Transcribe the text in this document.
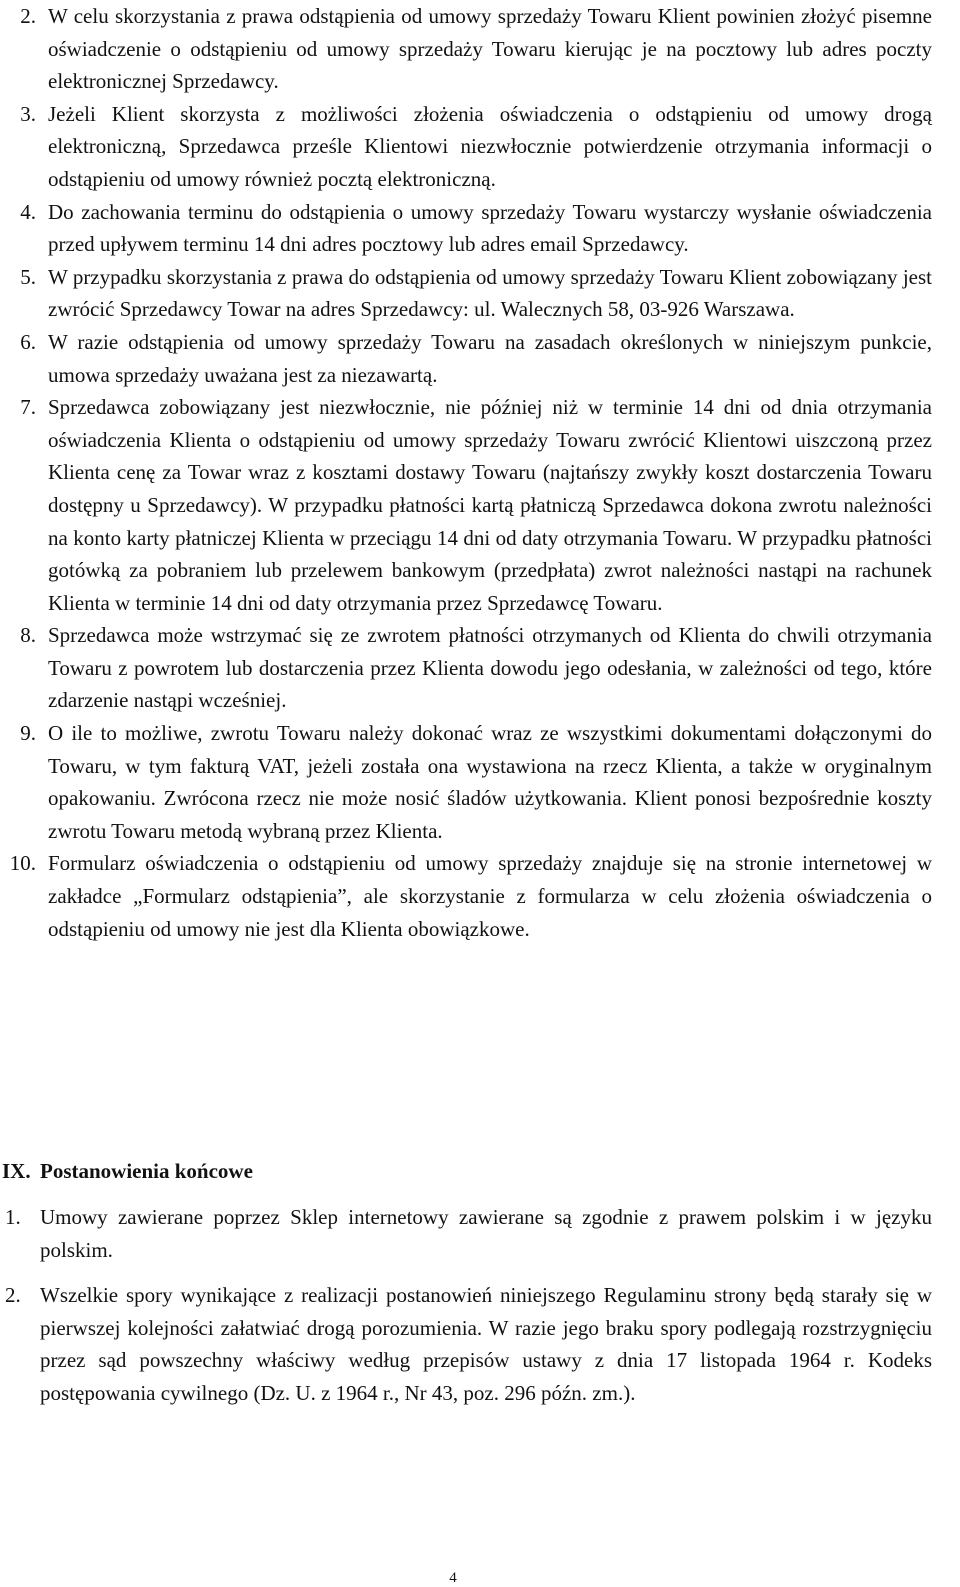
2. W celu skorzystania z prawa odstąpienia od umowy sprzedaży Towaru Klient powinien złożyć pisemne oświadczenie o odstąpieniu od umowy sprzedaży Towaru kierując je na pocztowy lub adres poczty elektronicznej Sprzedawcy.
3. Jeżeli Klient skorzysta z możliwości złożenia oświadczenia o odstąpieniu od umowy drogą elektroniczną, Sprzedawca prześle Klientowi niezwłocznie potwierdzenie otrzymania informacji o odstąpieniu od umowy również pocztą elektroniczną.
4. Do zachowania terminu do odstąpienia o umowy sprzedaży Towaru wystarczy wysłanie oświadczenia przed upływem terminu 14 dni adres pocztowy lub adres email Sprzedawcy.
5. W przypadku skorzystania z prawa do odstąpienia od umowy sprzedaży Towaru Klient zobowiązany jest zwrócić Sprzedawcy Towar na adres Sprzedawcy: ul. Walecznych 58, 03-926 Warszawa.
6. W razie odstąpienia od umowy sprzedaży Towaru na zasadach określonych w niniejszym punkcie, umowa sprzedaży uważana jest za niezawartą.
7. Sprzedawca zobowiązany jest niezwłocznie, nie później niż w terminie 14 dni od dnia otrzymania oświadczenia Klienta o odstąpieniu od umowy sprzedaży Towaru zwrócić Klientowi uiszczoną przez Klienta cenę za Towar wraz z kosztami dostawy Towaru (najtańszy zwykły koszt dostarczenia Towaru dostępny u Sprzedawcy). W przypadku płatności kartą płatniczą Sprzedawca dokona zwrotu należności na konto karty płatniczej Klienta w przeciągu 14 dni od daty otrzymania Towaru. W przypadku płatności gotówką za pobraniem lub przelewem bankowym (przedpłata) zwrot należności nastąpi na rachunek Klienta w terminie 14 dni od daty otrzymania przez Sprzedawcę Towaru.
8. Sprzedawca może wstrzymać się ze zwrotem płatności otrzymanych od Klienta do chwili otrzymania Towaru z powrotem lub dostarczenia przez Klienta dowodu jego odesłania, w zależności od tego, które zdarzenie nastąpi wcześniej.
9. O ile to możliwe, zwrotu Towaru należy dokonać wraz ze wszystkimi dokumentami dołączonymi do Towaru, w tym fakturą VAT, jeżeli została ona wystawiona na rzecz Klienta, a także w oryginalnym opakowaniu. Zwrócona rzecz nie może nosić śladów użytkowania. Klient ponosi bezpośrednie koszty zwrotu Towaru metodą wybraną przez Klienta.
10. Formularz oświadczenia o odstąpieniu od umowy sprzedaży znajduje się na stronie internetowej w zakładce „Formularz odstąpienia”, ale skorzystanie z formularza w celu złożenia oświadczenia o odstąpieniu od umowy nie jest dla Klienta obowiązkowe.
IX. Postanowienia końcowe
1. Umowy zawierane poprzez Sklep internetowy zawierane są zgodnie z prawem polskim i w języku polskim.
2. Wszelkie spory wynikające z realizacji postanowień niniejszego Regulaminu strony będą starały się w pierwszej kolejności załatwiać drogą porozumienia. W razie jego braku spory podlegają rozstrzygnięciu przez sąd powszechny właściwy według przepisów ustawy z dnia 17 listopada 1964 r. Kodeks postępowania cywilnego (Dz. U. z 1964 r., Nr 43, poz. 296 późn. zm.).
4
